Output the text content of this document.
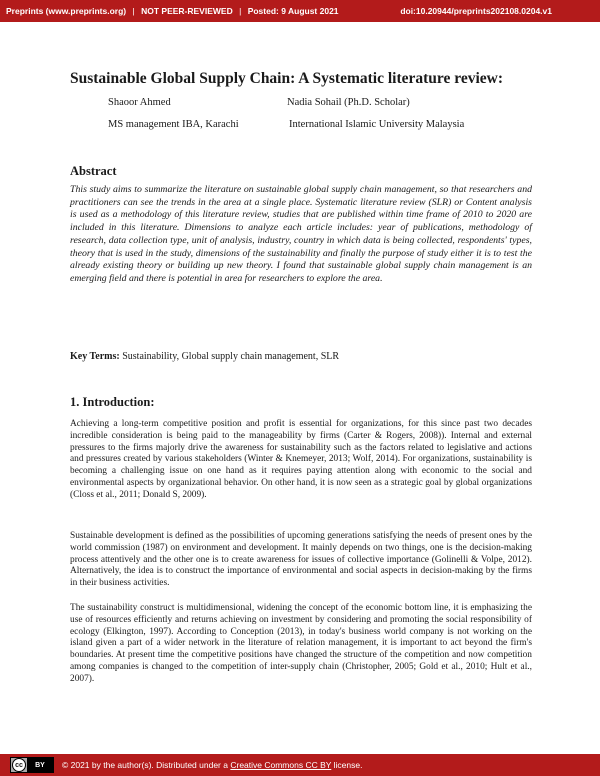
Preprints (www.preprints.org) | NOT PEER-REVIEWED | Posted: 9 August 2021	doi:10.20944/preprints202108.0204.v1
Sustainable Global Supply Chain: A Systematic literature review:
Shaoor Ahmed	Nadia Sohail (Ph.D. Scholar)
MS management IBA, Karachi	International Islamic University Malaysia
Abstract
This study aims to summarize the literature on sustainable global supply chain management, so that researchers and practitioners can see the trends in the area at a single place. Systematic literature review (SLR) or Content analysis is used as a methodology of this literature review, studies that are published within time frame of 2010 to 2020 are included in this literature. Dimensions to analyze each article includes: year of publications, methodology of research, data collection type, unit of analysis, industry, country in which data is being collected, respondents' types, theory that is used in the study, dimensions of the sustainability and finally the purpose of study either it is to test the already existing theory or building up new theory. I found that sustainable global supply chain management is an emerging field and there is potential in area for researchers to explore the area.
Key Terms: Sustainability, Global supply chain management, SLR
1. Introduction:
Achieving a long-term competitive position and profit is essential for organizations, for this since past two decades incredible consideration is being paid to the manageability by firms (Carter & Rogers, 2008)). Internal and external pressures to the firms majorly drive the awareness for sustainability such as the factors related to legislative and actions and pressures created by various stakeholders (Winter & Knemeyer, 2013; Wolf, 2014). For organizations, sustainability is becoming a challenging issue on one hand as it requires paying attention along with economic to the social and environmental aspects by organizational behavior. On other hand, it is now seen as a strategic goal by global organizations (Closs et al., 2011; Donald S, 2009).
Sustainable development is defined as the possibilities of upcoming generations satisfying the needs of present ones by the world commission (1987) on environment and development. It mainly depends on two things, one is the decision-making process attentively and the other one is to create awareness for issues of collective importance (Golinelli & Volpe, 2012). Alternatively, the idea is to construct the importance of environmental and social aspects in decision-making by the firms in their business activities.
The sustainability construct is multidimensional, widening the concept of the economic bottom line, it is emphasizing the use of resources efficiently and returns achieving on investment by considering and promoting the social responsibility of ecology (Elkington, 1997). According to Conception (2013), in today's business world company is not working on the island given a part of a wider network in the literature of relation management, it is important to act beyond the firm's boundaries. At present time the competitive positions have changed the structure of the competition and now competition among companies is changed to the competition of inter-supply chain (Christopher, 2005; Gold et al., 2010; Hult et al., 2007).
cc	BY	© 2021 by the author(s). Distributed under a Creative Commons CC BY license.
